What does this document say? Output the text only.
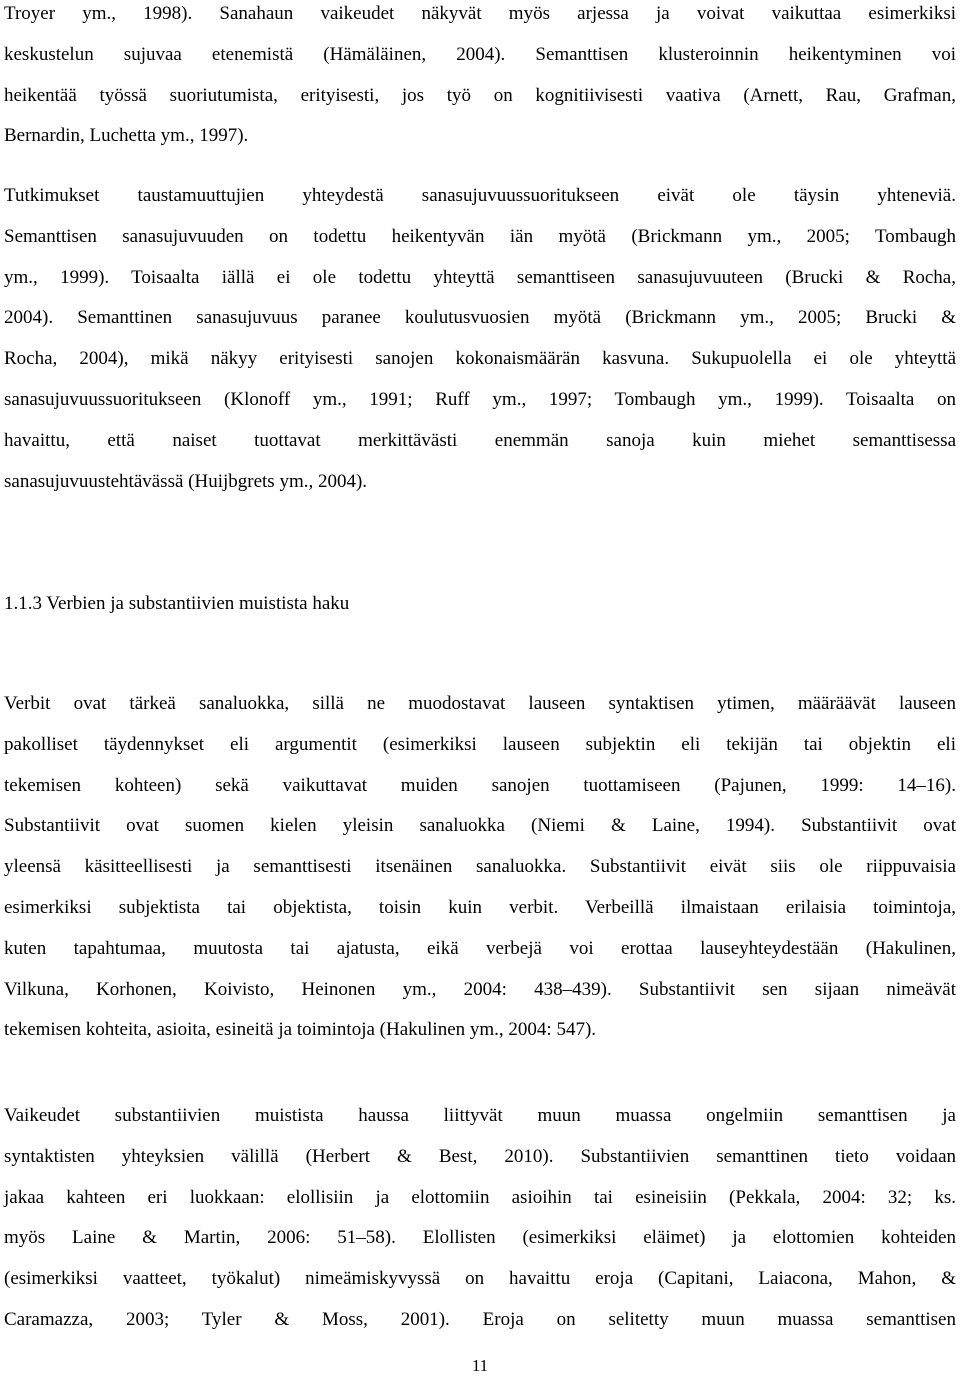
Troyer ym., 1998). Sanahaun vaikeudet näkyvät myös arjessa ja voivat vaikuttaa esimerkiksi
keskustelun sujuvaa etenemistä (Hämäläinen, 2004). Semanttisen klusteroinnin heikentyminen voi
heikentää työssä suoriutumista, erityisesti, jos työ on kognitiivisesti vaativa (Arnett, Rau, Grafman,
Bernardin, Luchetta ym., 1997).

Tutkimukset taustamuuttujien yhteydestä sanasujuvuussuoritukseen eivät ole täysin yhteneviä.
Semanttisen sanasujuvuuden on todettu heikentyvän iän myötä (Brickmann ym., 2005; Tombaugh
ym., 1999). Toisaalta iällä ei ole todettu yhteyttä semanttiseen sanasujuvuuteen (Brucki & Rocha,
2004). Semanttinen sanasujuvuus paranee koulutusvuosien myötä (Brickmann ym., 2005; Brucki &
Rocha, 2004), mikä näkyy erityisesti sanojen kokonaismäärän kasvuna. Sukupuolella ei ole yhteyttä
sanasujuvuussuoritukseen (Klonoff ym., 1991; Ruff ym., 1997; Tombaugh ym., 1999). Toisaalta on
havaittu, että naiset tuottavat merkittävästi enemmän sanoja kuin miehet semanttisessa
sanasujuvuustehtävässä (Huijbgrets ym., 2004).

1.1.3 Verbien ja substantiivien muistista haku

Verbit ovat tärkeä sanaluokka, sillä ne muodostavat lauseen syntaktisen ytimen, määräävät lauseen
pakolliset täydennykset eli argumentit (esimerkiksi lauseen subjektin eli tekijän tai objektin eli
tekemisen kohteen) sekä vaikuttavat muiden sanojen tuottamiseen (Pajunen, 1999: 14–16).
Substantiivit ovat suomen kielen yleisin sanaluokka (Niemi & Laine, 1994). Substantiivit ovat
yleensä käsitteellisesti ja semanttisesti itsenäinen sanaluokka. Substantiivit eivät siis ole riippuvaisia
esimerkiksi subjektista tai objektista, toisin kuin verbit. Verbeillä ilmaistaan erilaisia toimintoja,
kuten tapahtumaa, muutosta tai ajatusta, eikä verbejä voi erottaa lauseyhteydestään (Hakulinen,
Vilkuna, Korhonen, Koivisto, Heinonen ym., 2004: 438–439). Substantiivit sen sijaan nimeävät
tekemisen kohteita, asioita, esineitä ja toimintoja (Hakulinen ym., 2004: 547).

Vaikeudet substantiivien muistista haussa liittyvät muun muassa ongelmiin semanttisen ja
syntaktisten yhteyksien välillä (Herbert & Best, 2010). Substantiivien semanttinen tieto voidaan
jakaa kahteen eri luokkaan: elollisiin ja elottomiin asioihin tai esineisiin (Pekkala, 2004: 32; ks.
myös Laine & Martin, 2006: 51–58). Elollisten (esimerkiksi eläimet) ja elottomien kohteiden
(esimerkiksi vaatteet, työkalut) nimeämiskyvyssä on havaittu eroja (Capitani, Laiacona, Mahon, &
Caramazza, 2003; Tyler & Moss, 2001). Eroja on selitetty muun muassa semanttisen

11
